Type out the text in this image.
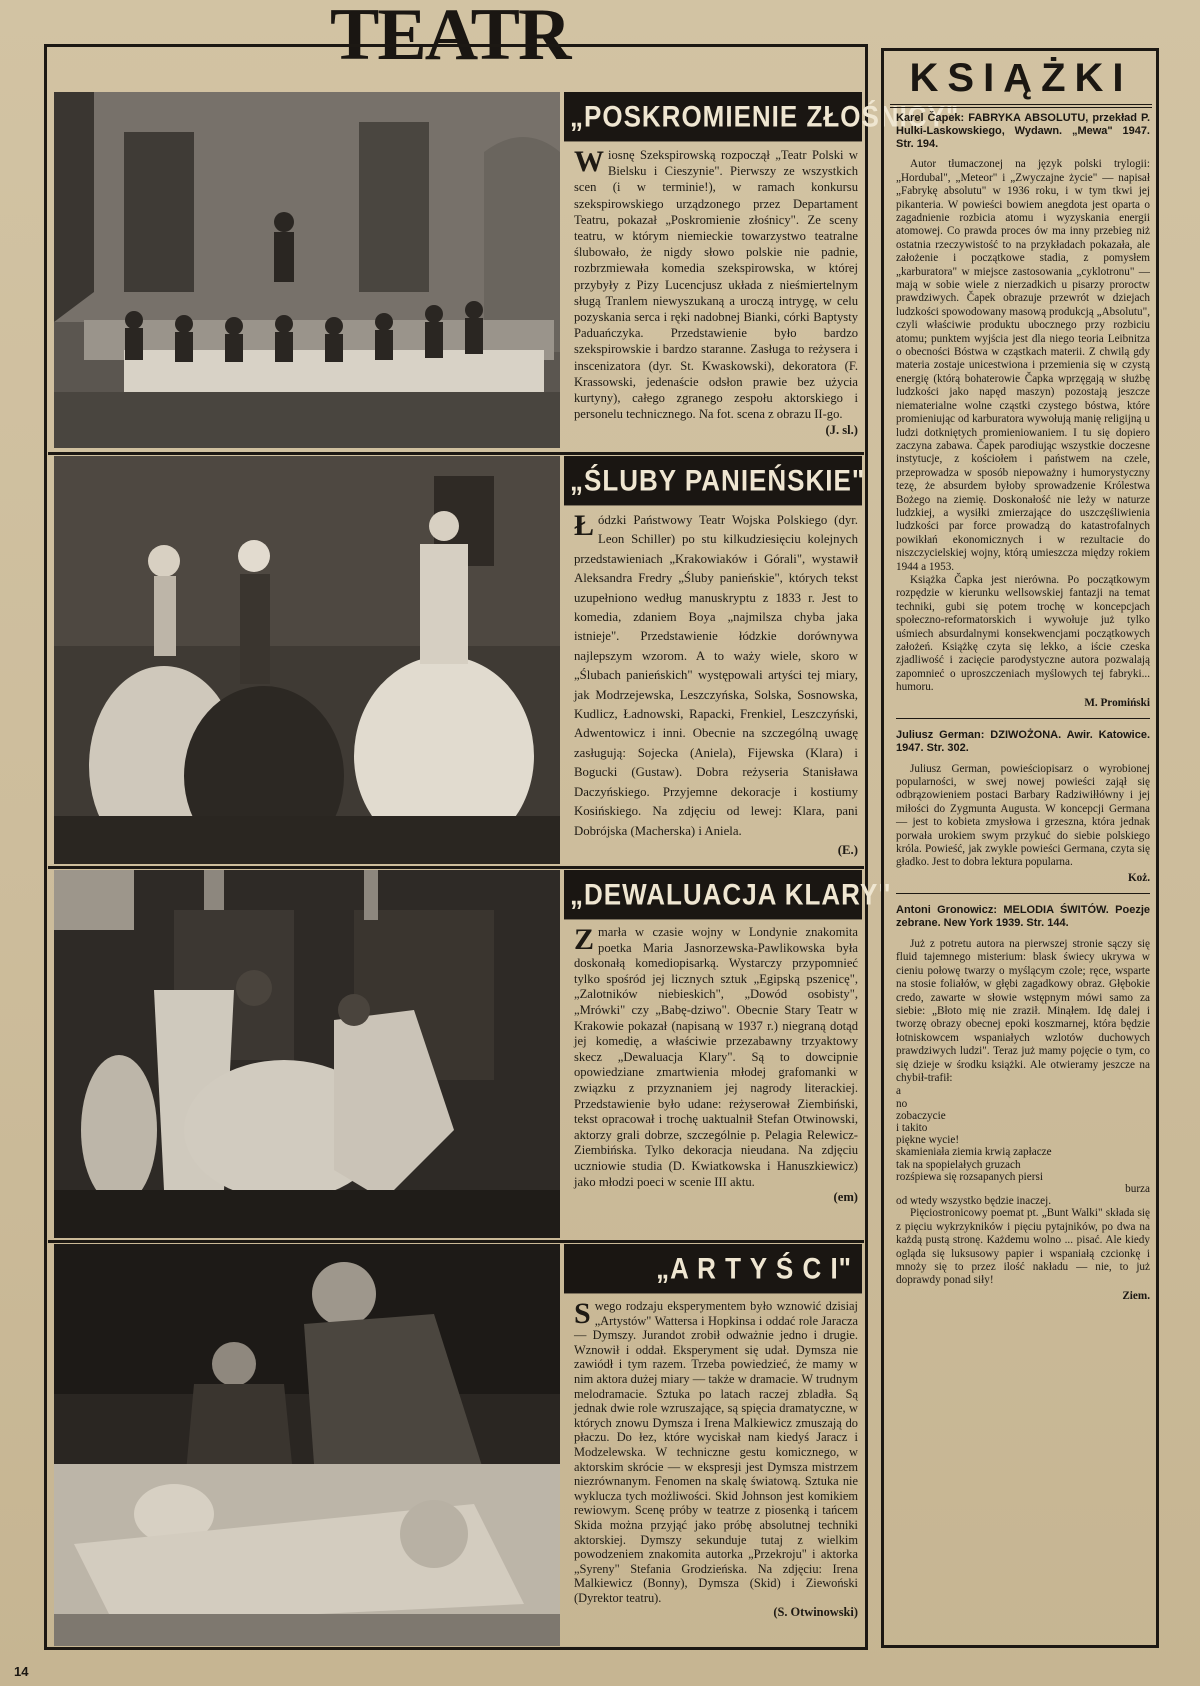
TEATR
„POSKROMIENIE ZŁOŚNICY"
Wiosnę Szekspirowską rozpoczął „Teatr Polski w Bielsku i Cieszynie". Pierwszy ze wszystkich scen (i w terminie!), w ramach konkursu szekspirowskiego urządzonego przez Departament Teatru, pokazał „Poskromienie złośnicy". Ze sceny teatru, w którym niemieckie towarzystwo teatralne ślubowało, że nigdy słowo polskie nie padnie, rozbrzmiewała komedia szekspirowska, w której przybyły z Pizy Lucencjusz układa z nieśmiertelnym sługą Tranlem niewyszukaną a uroczą intrygę, w celu pozyskania serca i ręki nadobnej Bianki, córki Baptysty Paduańczyka. Przedstawienie było bardzo szekspirowskie i bardzo staranne. Zasługa to reżysera i inscenizatora (dyr. St. Kwaskowski), dekoratora (F. Krassowski, jedenaście odsłon prawie bez użycia kurtyny), całego zgranego zespołu aktorskiego i personelu technicznego. Na fot. scena z obrazu II-go.
(J. sl.)
„ŚLUBY PANIEŃSKIE"
Łódzki Państwowy Teatr Wojska Polskiego (dyr. Leon Schiller) po stu kilkudziesięciu kolejnych przedstawieniach „Krakowiaków i Górali", wystawił Aleksandra Fredry „Śluby panieńskie", których tekst uzupełniono według manuskryptu z 1833 r. Jest to komedia, zdaniem Boya „najmilsza chyba jaka istnieje". Przedstawienie łódzkie dorównywa najlepszym wzorom. A to waży wiele, skoro w „Ślubach panieńskich" występowali artyści tej miary, jak Modrzejewska, Leszczyńska, Solska, Sosnowska, Kudlicz, Ładnowski, Rapacki, Frenkiel, Leszczyński, Adwentowicz i inni. Obecnie na szczególną uwagę zasługują: Sojecka (Aniela), Fijewska (Klara) i Bogucki (Gustaw). Dobra reżyseria Stanisława Daczyńskiego. Przyjemne dekoracje i kostiumy Kosińskiego. Na zdjęciu od lewej: Klara, pani Dobrójska (Macherska) i Aniela.
(E.)
„DEWALUACJA KLARY"
Zmarła w czasie wojny w Londynie znakomita poetka Maria Jasnorzewska-Pawlikowska była doskonałą komediopisarką. Wystarczy przypomnieć tylko spośród jej licznych sztuk „Egipską pszenicę", „Zalotników niebieskich", „Dowód osobisty", „Mrówki" czy „Babę-dziwo". Obecnie Stary Teatr w Krakowie pokazał (napisaną w 1937 r.) niegraną dotąd jej komedię, a właściwie przezabawny trzyaktowy skecz „Dewaluacja Klary". Są to dowcipnie opowiedziane zmartwienia młodej grafomanki w związku z przyznaniem jej nagrody literackiej. Przedstawienie było udane: reżyserował Ziembiński, tekst opracował i trochę uaktualnił Stefan Otwinowski, aktorzy grali dobrze, szczególnie p. Pelagia Relewicz-Ziembińska. Tylko dekoracja nieudana. Na zdjęciu uczniowie studia (D. Kwiatkowska i Hanuszkiewicz) jako młodzi poeci w scenie III aktu.
(em)
„A R T Y Ś C I"
Swego rodzaju eksperymentem było wznowić dzisiaj „Artystów" Wattersa i Hopkinsa i oddać role Jaracza — Dymszy. Jurandot zrobił odważnie jedno i drugie. Wznowił i oddał. Eksperyment się udał. Dymsza nie zawiódł i tym razem. Trzeba powiedzieć, że mamy w nim aktora dużej miary — także w dramacie. W trudnym melodramacie. Sztuka po latach raczej zbladła. Są jednak dwie role wzruszające, są spięcia dramatyczne, w których znowu Dymsza i Irena Malkiewicz zmuszają do płaczu. Do łez, które wyciskał nam kiedyś Jaracz i Modzelewska. W techniczne gestu komicznego, w aktorskim skrócie — w ekspresji jest Dymsza mistrzem niezrównanym. Fenomen na skalę światową. Sztuka nie wyklucza tych możliwości. Skid Johnson jest komikiem rewiowym. Scenę próby w teatrze z piosenką i tańcem Skida można przyjąć jako próbę absolutnej techniki aktorskiej. Dymszy sekunduje tutaj z wielkim powodzeniem znakomita autorka „Przekroju" i aktorka „Syreny" Stefania Grodzieńska. Na zdjęciu: Irena Malkiewicz (Bonny), Dymsza (Skid) i Ziewoński (Dyrektor teatru).
(S. Otwinowski)
KSIĄŻKI
Karel Čapek: FABRYKA ABSOLUTU, przekład P. Hulki-Laskowskiego, Wydawn. „Mewa" 1947. Str. 194.

Autor tłumaczonej na język polski trylogii: „Hordubal", „Meteor" i „Zwyczajne życie" — napisał „Fabrykę absolutu" w 1936 roku, i w tym tkwi jej pikanteria. W powieści bowiem anegdota jest oparta o zagadnienie rozbicia atomu i wyzyskania energii atomowej. Co prawda proces ów ma inny przebieg niż ostatnia rzeczywistość to na przykładach pokazała, ale założenie i początkowe stadia, z pomysłem „karburatora" w miejsce zastosowania „cyklotronu" — mają w sobie wiele z nierzadkich u pisarzy proroctw prawdziwych. Čapek obrazuje przewrót w dziejach ludzkości spowodowany masową produkcją „Absolutu", czyli właściwie produktu ubocznego przy rozbiciu atomu; punktem wyjścia jest dla niego teoria Leibnitza o obecności Bóstwa w cząstkach materii. Z chwilą gdy materia zostaje unicestwiona i przemienia się w czystą energię (którą bohaterowie Čapka wprzęgają w służbę ludzkości jako napęd maszyn) pozostają jeszcze niematerialne wolne cząstki czystego bóstwa, które promieniując od karburatora wywołują manię religijną u ludzi dotkniętych promieniowaniem. I tu się dopiero zaczyna zabawa. Čapek parodiując wszystkie doczesne instytucje, z kościołem i państwem na czele, przeprowadza w sposób niepoważny i humorystyczny tezę, że absurdem byłoby sprowadzenie Królestwa Bożego na ziemię. Doskonałość nie leży w naturze ludzkiej, a wysiłki zmierzające do uszczęśliwienia ludzkości par force prowadzą do katastrofalnych powikłań ekonomicznych i w rezultacie do niszczycielskiej wojny, którą umieszcza między rokiem 1944 a 1953.

Książka Čapka jest nierówna. Po początkowym rozpędzie w kierunku wellsowskiej fantazji na temat techniki, gubi się potem trochę w koncepcjach społeczno-reformatorskich i wywołuje już tylko uśmiech absurdalnymi konsekwencjami początkowych założeń. Książkę czyta się lekko, a iście czeska zjadliwość i zacięcie parodystyczne autora pozwalają zapomnieć o uproszczeniach myślowych tej fabryki... humoru.

M. Promiński
Juliusz German: DZIWOŻONA. Awir. Katowice. 1947. Str. 302.

Juliusz German, powieściopisarz o wyrobionej popularności, w swej nowej powieści zajął się odbrązowieniem postaci Barbary Radziwiłłówny i jej miłości do Zygmunta Augusta. W koncepcji Germana — jest to kobieta zmysłowa i grzeszna, która jednak porwała urokiem swym przykuć do siebie polskiego króla. Powieść, jak zwykle powieści Germana, czyta się gładko. Jest to dobra lektura popularna.

Koż.
Antoni Gronowicz: MELODIA ŚWITÓW. Poezje zebrane. New York 1939. Str. 144.

Już z potretu autora na pierwszej stronie sączy się fluid tajemnego misterium: blask świecy ukrywa w cieniu połowę twarzy o myślącym czole; ręce, wsparte na stosie foliałów, w głębi zagadkowy obraz. Głębokie credo, zawarte w słowie wstępnym mówi samo za siebie: „Błoto mię nie zraził. Minąłem. Idę dalej i tworzę obrazy obecnej epoki koszmarnej, która będzie łotniskowcem wspaniałych wzlotów duchowych prawdziwych ludzi". Teraz już mamy pojęcie o tym, co się dzieje w środku książki. Ale otwieramy jeszcze na chybił-trafił:

a
no
zobaczycie
i takito
piękne wycie!
skamieniała ziemia krwią zapłacze
tak na spopielałych gruzach
rozśpiewa się rozsapanych piersi
burza
od wtedy wszystko będzie inaczej.

Pięciostronicowy poemat pt. „Bunt Walki" składa się z pięciu wykrzykników i pięciu pytajników, po dwa na każdą pustą stronę. Każdemu wolno ... pisać. Ale kiedy ogląda się luksusowy papier i wspaniałą czcionkę i mnoży się to przez ilość nakładu — nie, to już doprawdy ponad siły!

Ziem.
14
